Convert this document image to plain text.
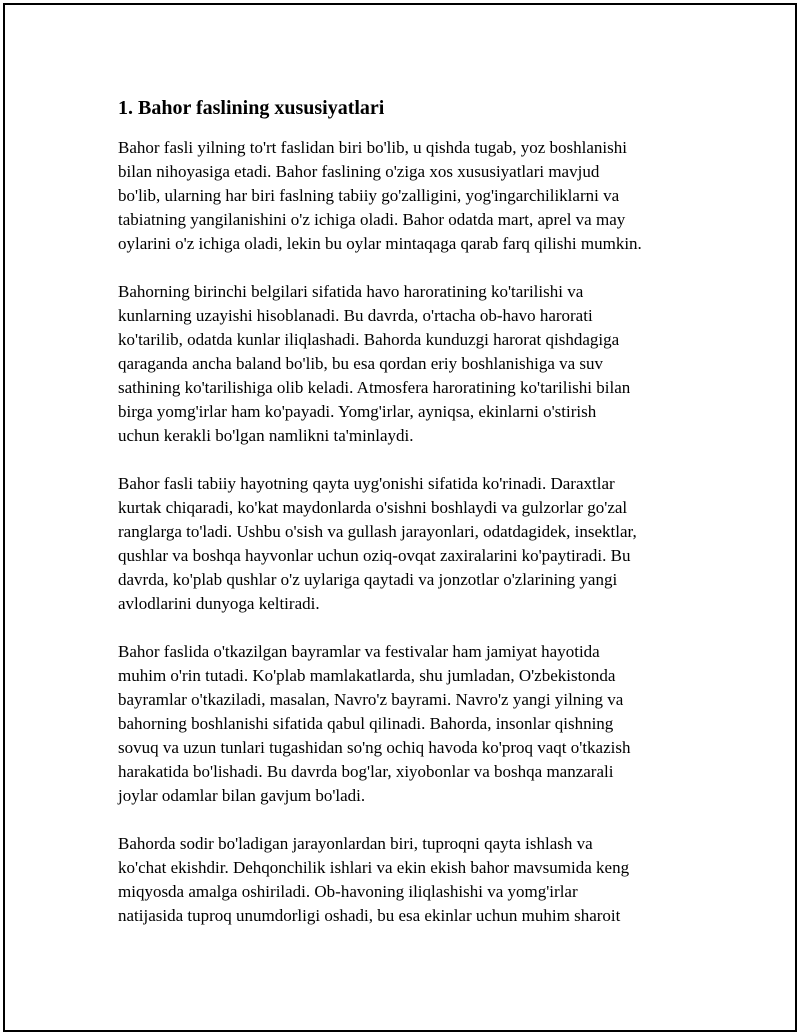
1. Bahor faslining xususiyatlari
Bahor fasli yilning to'rt faslidan biri bo'lib, u qishda tugab, yoz boshlanishi
bilan nihoyasiga etadi. Bahor faslining o'ziga xos xususiyatlari mavjud
bo'lib, ularning har biri faslning tabiiy go'zalligini, yog'ingarchiliklarni va
tabiatning yangilanishini o'z ichiga oladi. Bahor odatda mart, aprel va may
oylarini o'z ichiga oladi, lekin bu oylar mintaqaga qarab farq qilishi mumkin.
Bahorning birinchi belgilari sifatida havo haroratining ko'tarilishi va
kunlarning uzayishi hisoblanadi. Bu davrda, o'rtacha ob-havo harorati
ko'tarilib, odatda kunlar iliqlashadi. Bahorda kunduzgi harorat qishdagiga
qaraganda ancha baland bo'lib, bu esa qordan eriy boshlanishiga va suv
sathining ko'tarilishiga olib keladi. Atmosfera haroratining ko'tarilishi bilan
birga yomg'irlar ham ko'payadi. Yomg'irlar, ayniqsa, ekinlarni o'stirish
uchun kerakli bo'lgan namlikni ta'minlaydi.
Bahor fasli tabiiy hayotning qayta uyg'onishi sifatida ko'rinadi. Daraxtlar
kurtak chiqaradi, ko'kat maydonlarda o'sishni boshlaydi va gulzorlar go'zal
ranglarga to'ladi. Ushbu o'sish va gullash jarayonlari, odatdagidek, insektlar,
qushlar va boshqa hayvonlar uchun oziq-ovqat zaxiralarini ko'paytiradi. Bu
davrda, ko'plab qushlar o'z uylariga qaytadi va jonzotlar o'zlarining yangi
avlodlarini dunyoga keltiradi.
Bahor faslida o'tkazilgan bayramlar va festivalar ham jamiyat hayotida
muhim o'rin tutadi. Ko'plab mamlakatlarda, shu jumladan, O'zbekistonda
bayramlar o'tkaziladi, masalan, Navro'z bayrami. Navro'z yangi yilning va
bahorning boshlanishi sifatida qabul qilinadi. Bahorda, insonlar qishning
sovuq va uzun tunlari tugashidan so'ng ochiq havoda ko'proq vaqt o'tkazish
harakatida bo'lishadi. Bu davrda bog'lar, xiyobonlar va boshqa manzarali
joylar odamlar bilan gavjum bo'ladi.
Bahorda sodir bo'ladigan jarayonlardan biri, tuproqni qayta ishlash va
ko'chat ekishdir. Dehqonchilik ishlari va ekin ekish bahor mavsumida keng
miqyosda amalga oshiriladi. Ob-havoning iliqlashishi va yomg'irlar
natijasida tuproq unumdorligi oshadi, bu esa ekinlar uchun muhim sharoit
